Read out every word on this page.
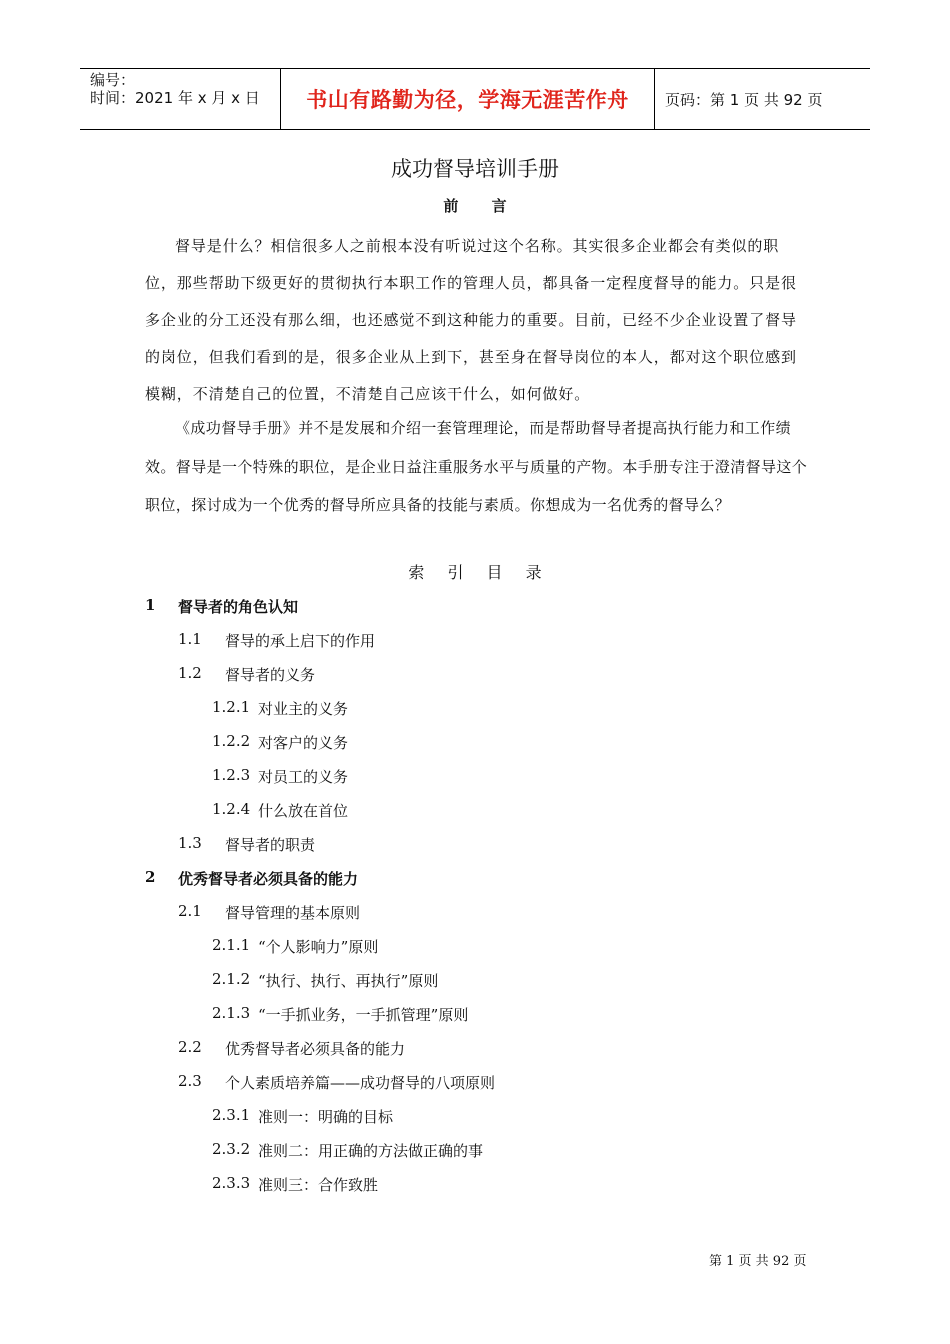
编号：
时间：2021 年 x 月 x 日	书山有路勤为径，学海无涯苦作舟	页码：第 1 页 共 92 页
成功督导培训手册
前 言

督导是什么？相信很多人之前根本没有听说过这个名称。其实很多企业都会有类似的职位，那些帮助下级更好的贯彻执行本职工作的管理人员，都具备一定程度督导的能力。只是很多企业的分工还没有那么细，也还感觉不到这种能力的重要。目前，已经不少企业设置了督导的岗位，但我们看到的是，很多企业从上到下，甚至身在督导岗位的本人，都对这个职位感到模糊，不清楚自己的位置，不清楚自己应该干什么，如何做好。

《成功督导手册》并不是发展和介绍一套管理理论，而是帮助督导者提高执行能力和工作绩效。督导是一个特殊的职位，是企业日益注重服务水平与质量的产物。本手册专注于澄清督导这个职位，探讨成为一个优秀的督导所应具备的技能与素质。你想成为一名优秀的督导么？

索 引 目 录
1	督导者的角色认知
1.1	督导的承上启下的作用
1.2	督导者的义务
1.2.1 对业主的义务
1.2.2 对客户的义务
1.2.3 对员工的义务
1.2.4 什么放在首位
1.3	督导者的职责
2	优秀督导者必须具备的能力
2.1	督导管理的基本原则
2.1.1 “个人影响力”原则
2.1.2 “执行、执行、再执行”原则
2.1.3 “一手抓业务，一手抓管理”原则
2.2	优秀督导者必须具备的能力
2.3	个人素质培养篇——成功督导的八项原则
2.3.1 准则一：明确的目标
2.3.2 准则二：用正确的方法做正确的事
2.3.3 准则三：合作致胜
第 1 页 共 92 页
